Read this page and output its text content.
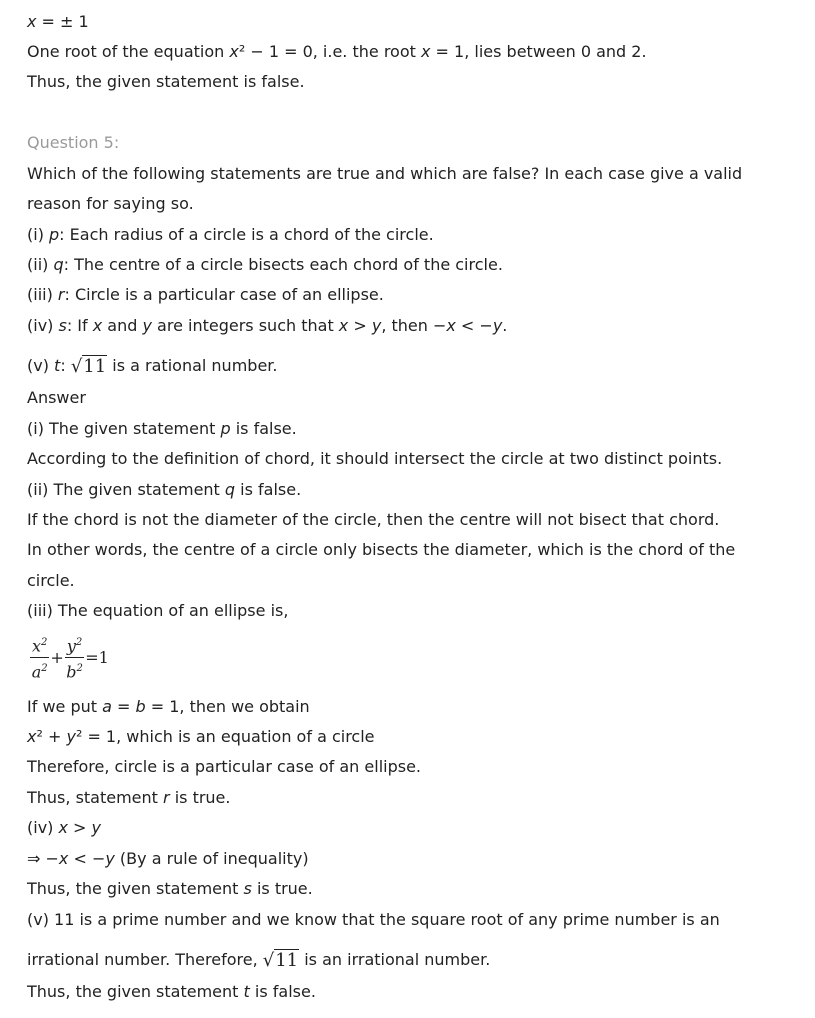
x = ± 1
One root of the equation x² − 1 = 0, i.e. the root x = 1, lies between 0 and 2.
Thus, the given statement is false.
Question 5:
Which of the following statements are true and which are false? In each case give a valid
reason for saying so.
(i) p: Each radius of a circle is a chord of the circle.
(ii) q: The centre of a circle bisects each chord of the circle.
(iii) r: Circle is a particular case of an ellipse.
(iv) s: If x and y are integers such that x > y, then −x < −y.
(v) t: √11 is a rational number.
Answer
(i) The given statement p is false.
According to the definition of chord, it should intersect the circle at two distinct points.
(ii) The given statement q is false.
If the chord is not the diameter of the circle, then the centre will not bisect that chord.
In other words, the centre of a circle only bisects the diameter, which is the chord of the
circle.
(iii) The equation of an ellipse is,
$\frac{x^2}{a^2} + \frac{y^2}{b^2} =1$
If we put a = b = 1, then we obtain
x² + y² = 1, which is an equation of a circle
Therefore, circle is a particular case of an ellipse.
Thus, statement r is true.
(iv) x > y
⇒ −x < −y (By a rule of inequality)
Thus, the given statement s is true.
(v) 11 is a prime number and we know that the square root of any prime number is an
irrational number. Therefore, √11 is an irrational number.
Thus, the given statement t is false.
